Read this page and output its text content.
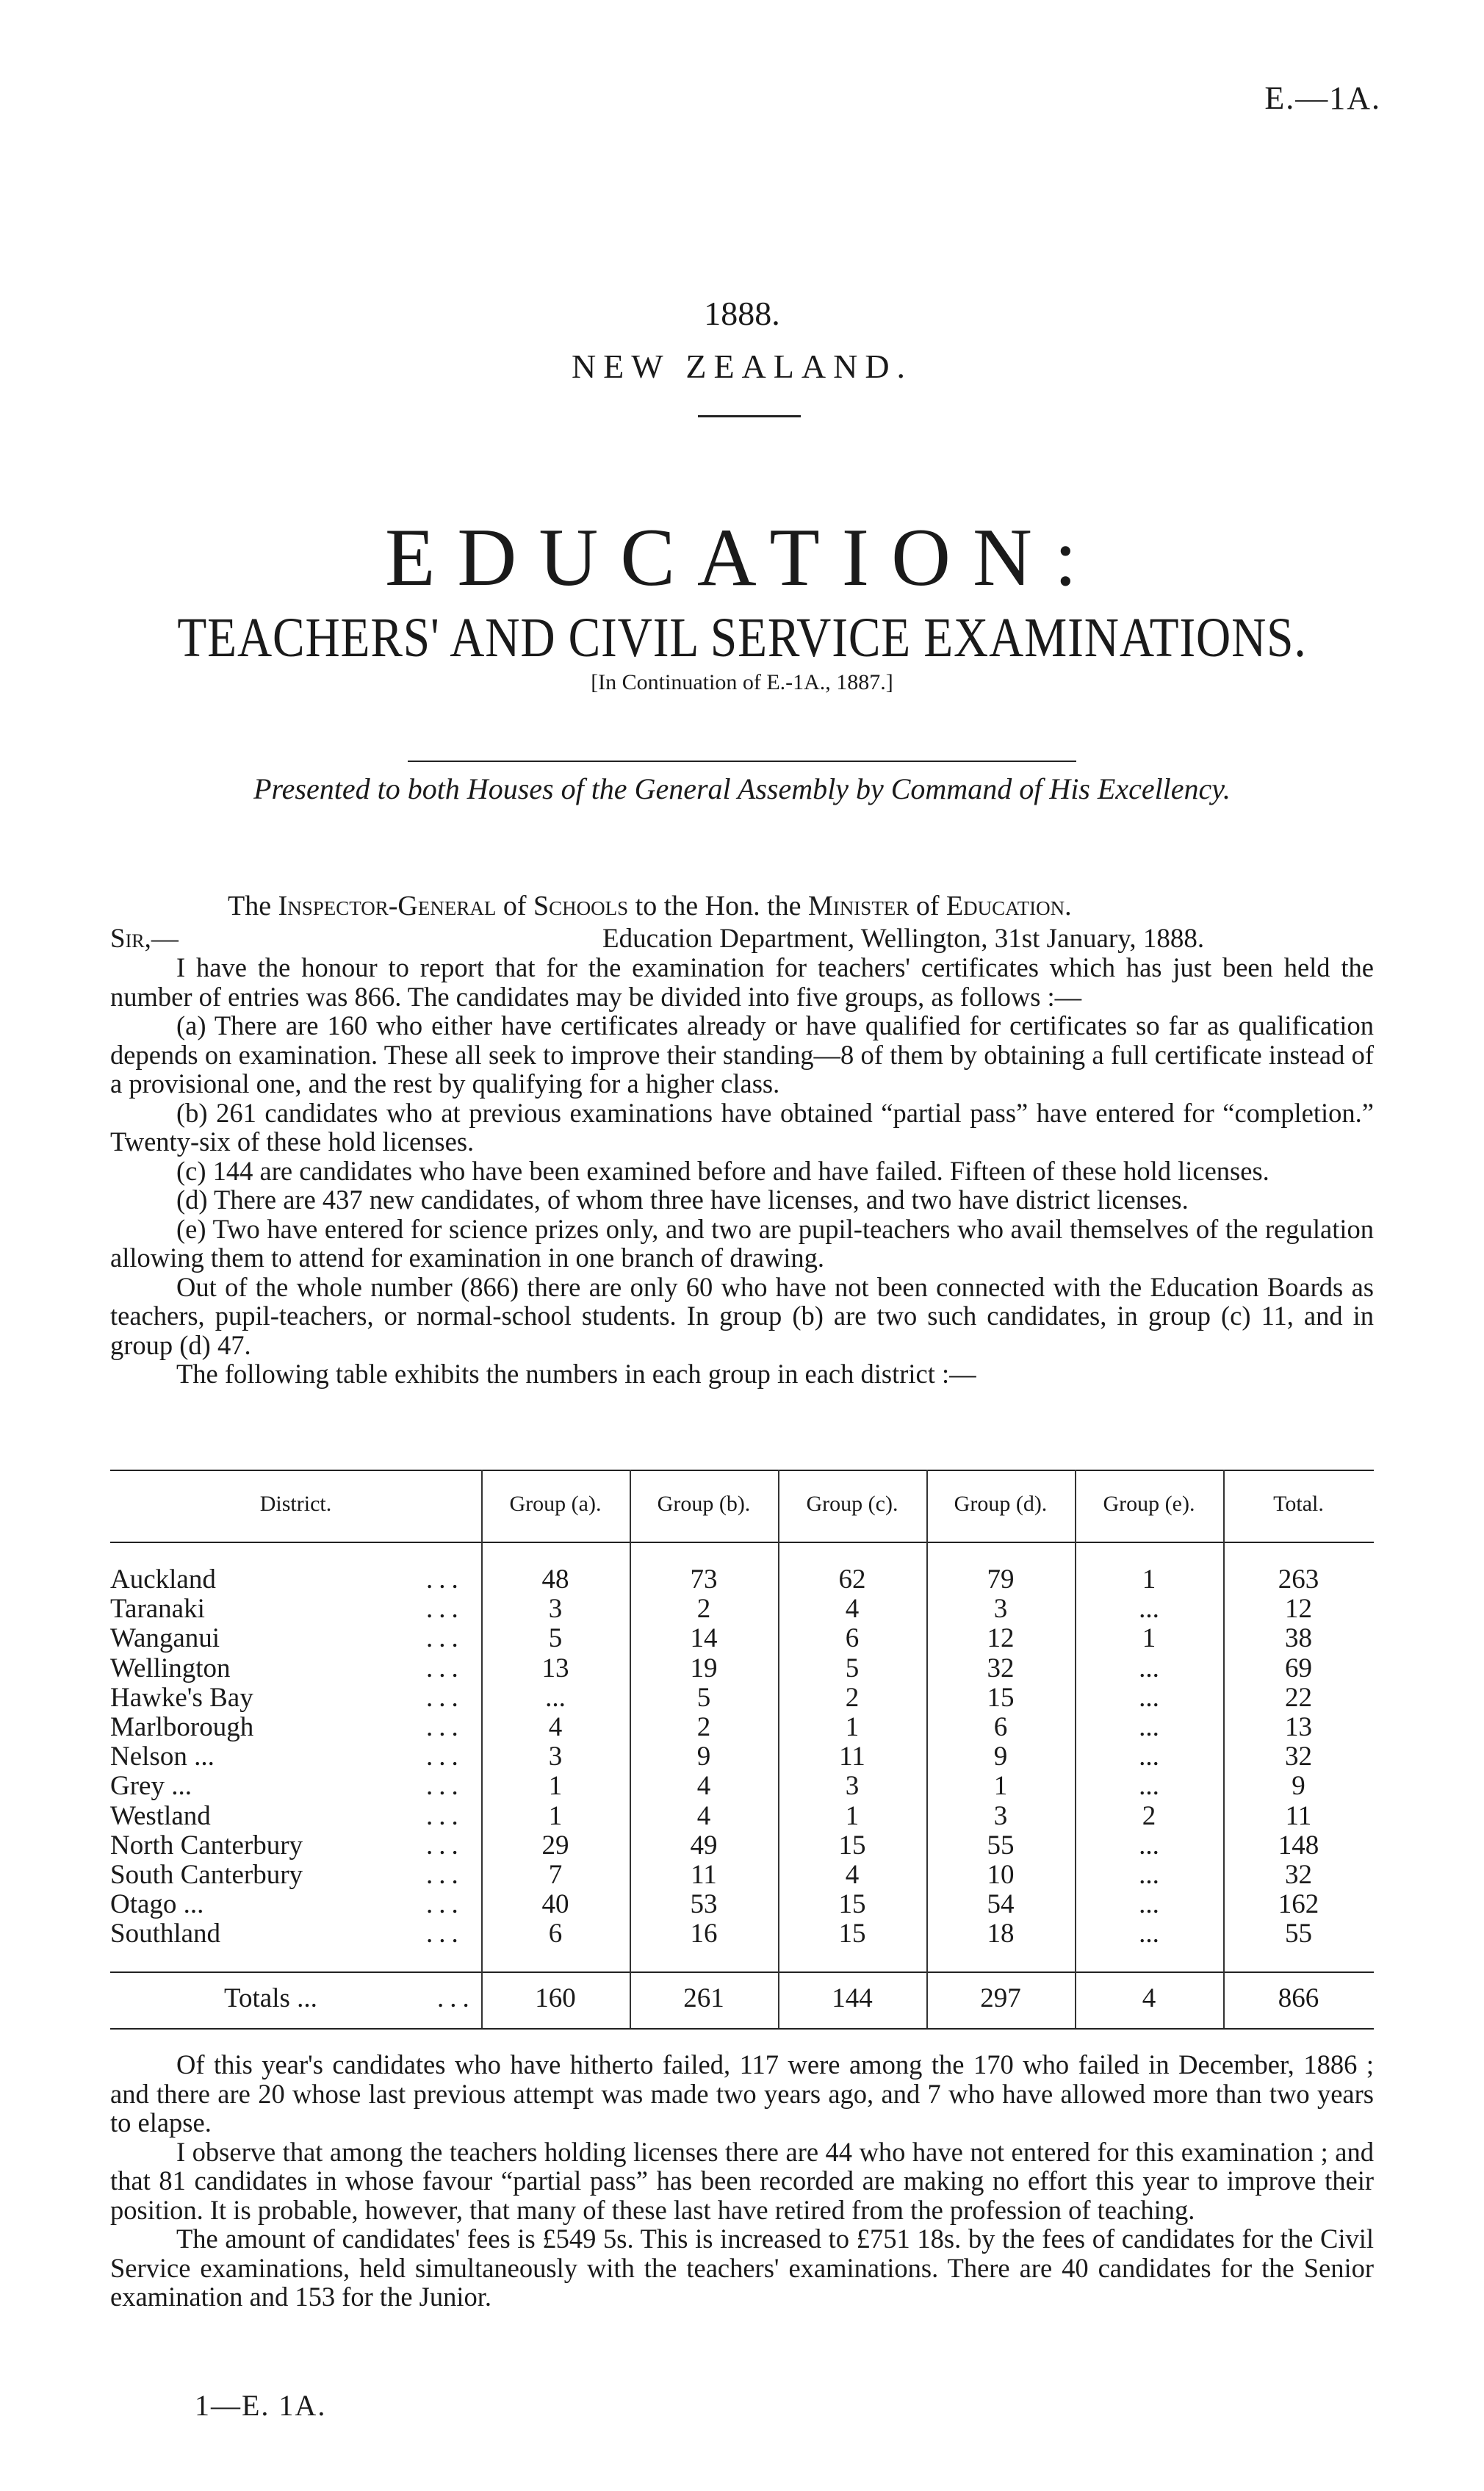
E.—1A.
1888.
NEW ZEALAND.
EDUCATION:
TEACHERS' AND CIVIL SERVICE EXAMINATIONS.
[In Continuation of E.-1A., 1887.]
Presented to both Houses of the General Assembly by Command of His Excellency.
The Inspector-General of Schools to the Hon. the Minister of Education.
Sir,—	Education Department, Wellington, 31st January, 1888.

I have the honour to report that for the examination for teachers' certificates which has just been held the number of entries was 866. The candidates may be divided into five groups, as follows :—

(a) There are 160 who either have certificates already or have qualified for certificates so far as qualification depends on examination. These all seek to improve their standing—8 of them by obtaining a full certificate instead of a provisional one, and the rest by qualifying for a higher class.

(b) 261 candidates who at previous examinations have obtained “partial pass” have entered for “completion.” Twenty-six of these hold licenses.

(c) 144 are candidates who have been examined before and have failed. Fifteen of these hold licenses.

(d) There are 437 new candidates, of whom three have licenses, and two have district licenses.

(e) Two have entered for science prizes only, and two are pupil-teachers who avail themselves of the regulation allowing them to attend for examination in one branch of drawing.

Out of the whole number (866) there are only 60 who have not been connected with the Education Boards as teachers, pupil-teachers, or normal-school students. In group (b) are two such candidates, in group (c) 11, and in group (d) 47.

The following table exhibits the numbers in each group in each district :—

District.	Group (a).	Group (b).	Group (c).	Group (d).	Group (e).	Total.
Auckland	...	48	73	62	79	1	263
Taranaki	...	3	2	4	3	...	12
Wanganui	...	5	14	6	12	1	38
Wellington	...	13	19	5	32	...	69
Hawke's Bay	...	...	5	2	15	...	22
Marlborough	...	4	2	1	6	...	13
Nelson ...	...	3	9	11	9	...	32
Grey ...	...	1	4	3	1	...	9
Westland	...	1	4	1	3	2	11
North Canterbury	...	29	49	15	55	...	148
South Canterbury	...	7	11	4	10	...	32
Otago ...	...	40	53	15	54	...	162
Southland	...	6	16	15	18	...	55
Totals ...	...	160	261	144	297	4	866

Of this year's candidates who have hitherto failed, 117 were among the 170 who failed in December, 1886 ; and there are 20 whose last previous attempt was made two years ago, and 7 who have allowed more than two years to elapse.

I observe that among the teachers holding licenses there are 44 who have not entered for this examination ; and that 81 candidates in whose favour “partial pass” has been recorded are making no effort this year to improve their position. It is probable, however, that many of these last have retired from the profession of teaching.

The amount of candidates' fees is £549 5s. This is increased to £751 18s. by the fees of candidates for the Civil Service examinations, held simultaneously with the teachers' examinations. There are 40 candidates for the Senior examination and 153 for the Junior.

1—E. 1A.
